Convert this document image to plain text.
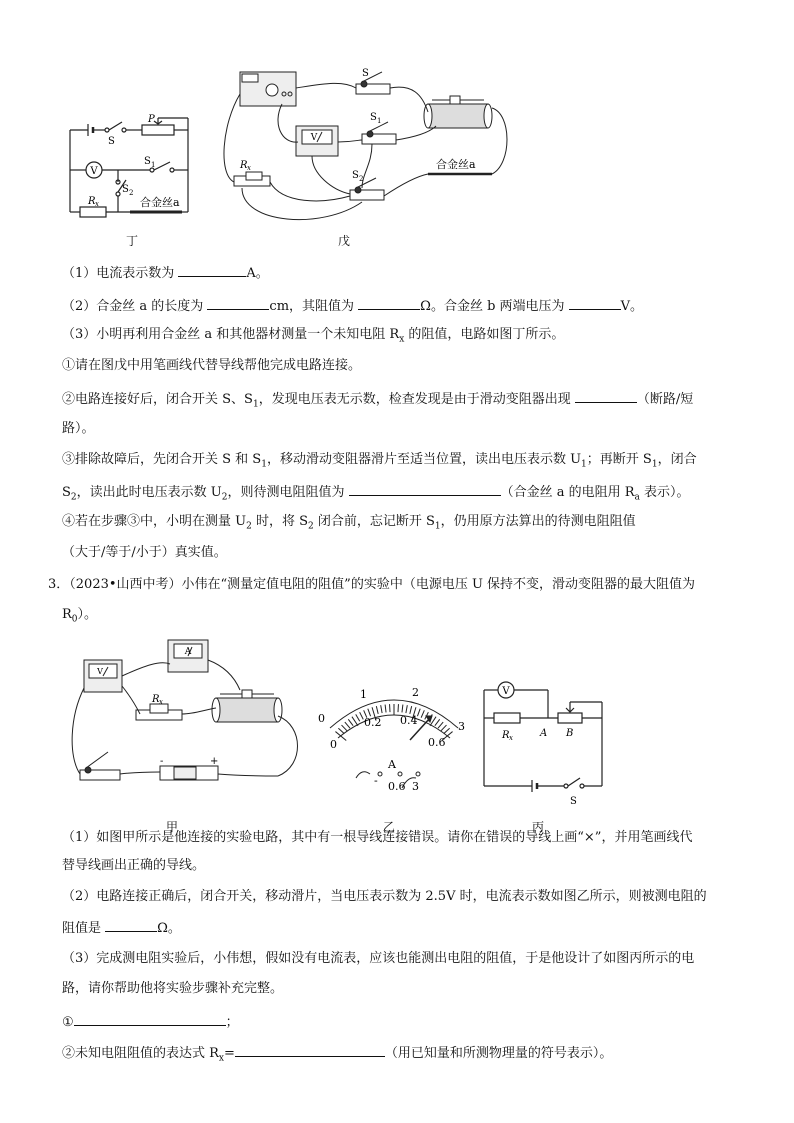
V
P
S
S 1
S 2
R x	合金丝a
丁
V
S
S 1
S 2
R x	合金丝a
戊
（1）电流表示数为	A。
（2）合金丝 a 的长度为	cm，其阻值为	Ω。合金丝 b 两端电压为	V。
（3）小明再利用合金丝 a 和其他器材测量一个未知电阻 $R_x$ 的阻值，电路如图丁所示。
①请在图戊中用笔画线代替导线帮他完成电路连接。
②电路连接好后，闭合开关 S、$S_1$，发现电压表无示数，检查发现是由于滑动变阻器出现	（断路/短
路）。
③排除故障后，先闭合开关 S 和 $S_1$，移动滑动变阻器滑片至适当位置，读出电压表示数 $U_1$；再断开 $S_1$，闭合
$S_2$，读出此时电压表示数 $U_2$，则待测电阻阻值为	（合金丝 a 的电阻用 $R_a$ 表示）。
④若在步骤③中，小明在测量 $U_2$ 时，将 $S_2$ 闭合前，忘记断开 $S_1$，仍用原方法算出的待测电阻阻值
（大于/等于/小于）真实值。
3．（2023•山西中考）小伟在“测量定值电阻的阻值”的实验中（电源电压 U 保持不变，滑动变阻器的最大阻值为
$R_0$）。
V
A
R x
-	+
甲
0
1	2
3
0
0.2 0.4
0.6
A
- 0.6 3
乙
V
R x	A B
S
丙
（1）如图甲所示是他连接的实验电路，其中有一根导线连接错误。请你在错误的导线上画“×”，并用笔画线代
替导线画出正确的导线。
（2）电路连接正确后，闭合开关，移动滑片，当电压表示数为 2.5V 时，电流表示数如图乙所示，则被测电阻的
阻值是	Ω。
（3）完成测电阻实验后，小伟想，假如没有电流表，应该也能测出电阻的阻值，于是他设计了如图丙所示的电
路，请你帮助他将实验步骤补充完整。
①	；
②未知电阻阻值的表达式 $R_x=$	（用已知量和所测物理量的符号表示）。
